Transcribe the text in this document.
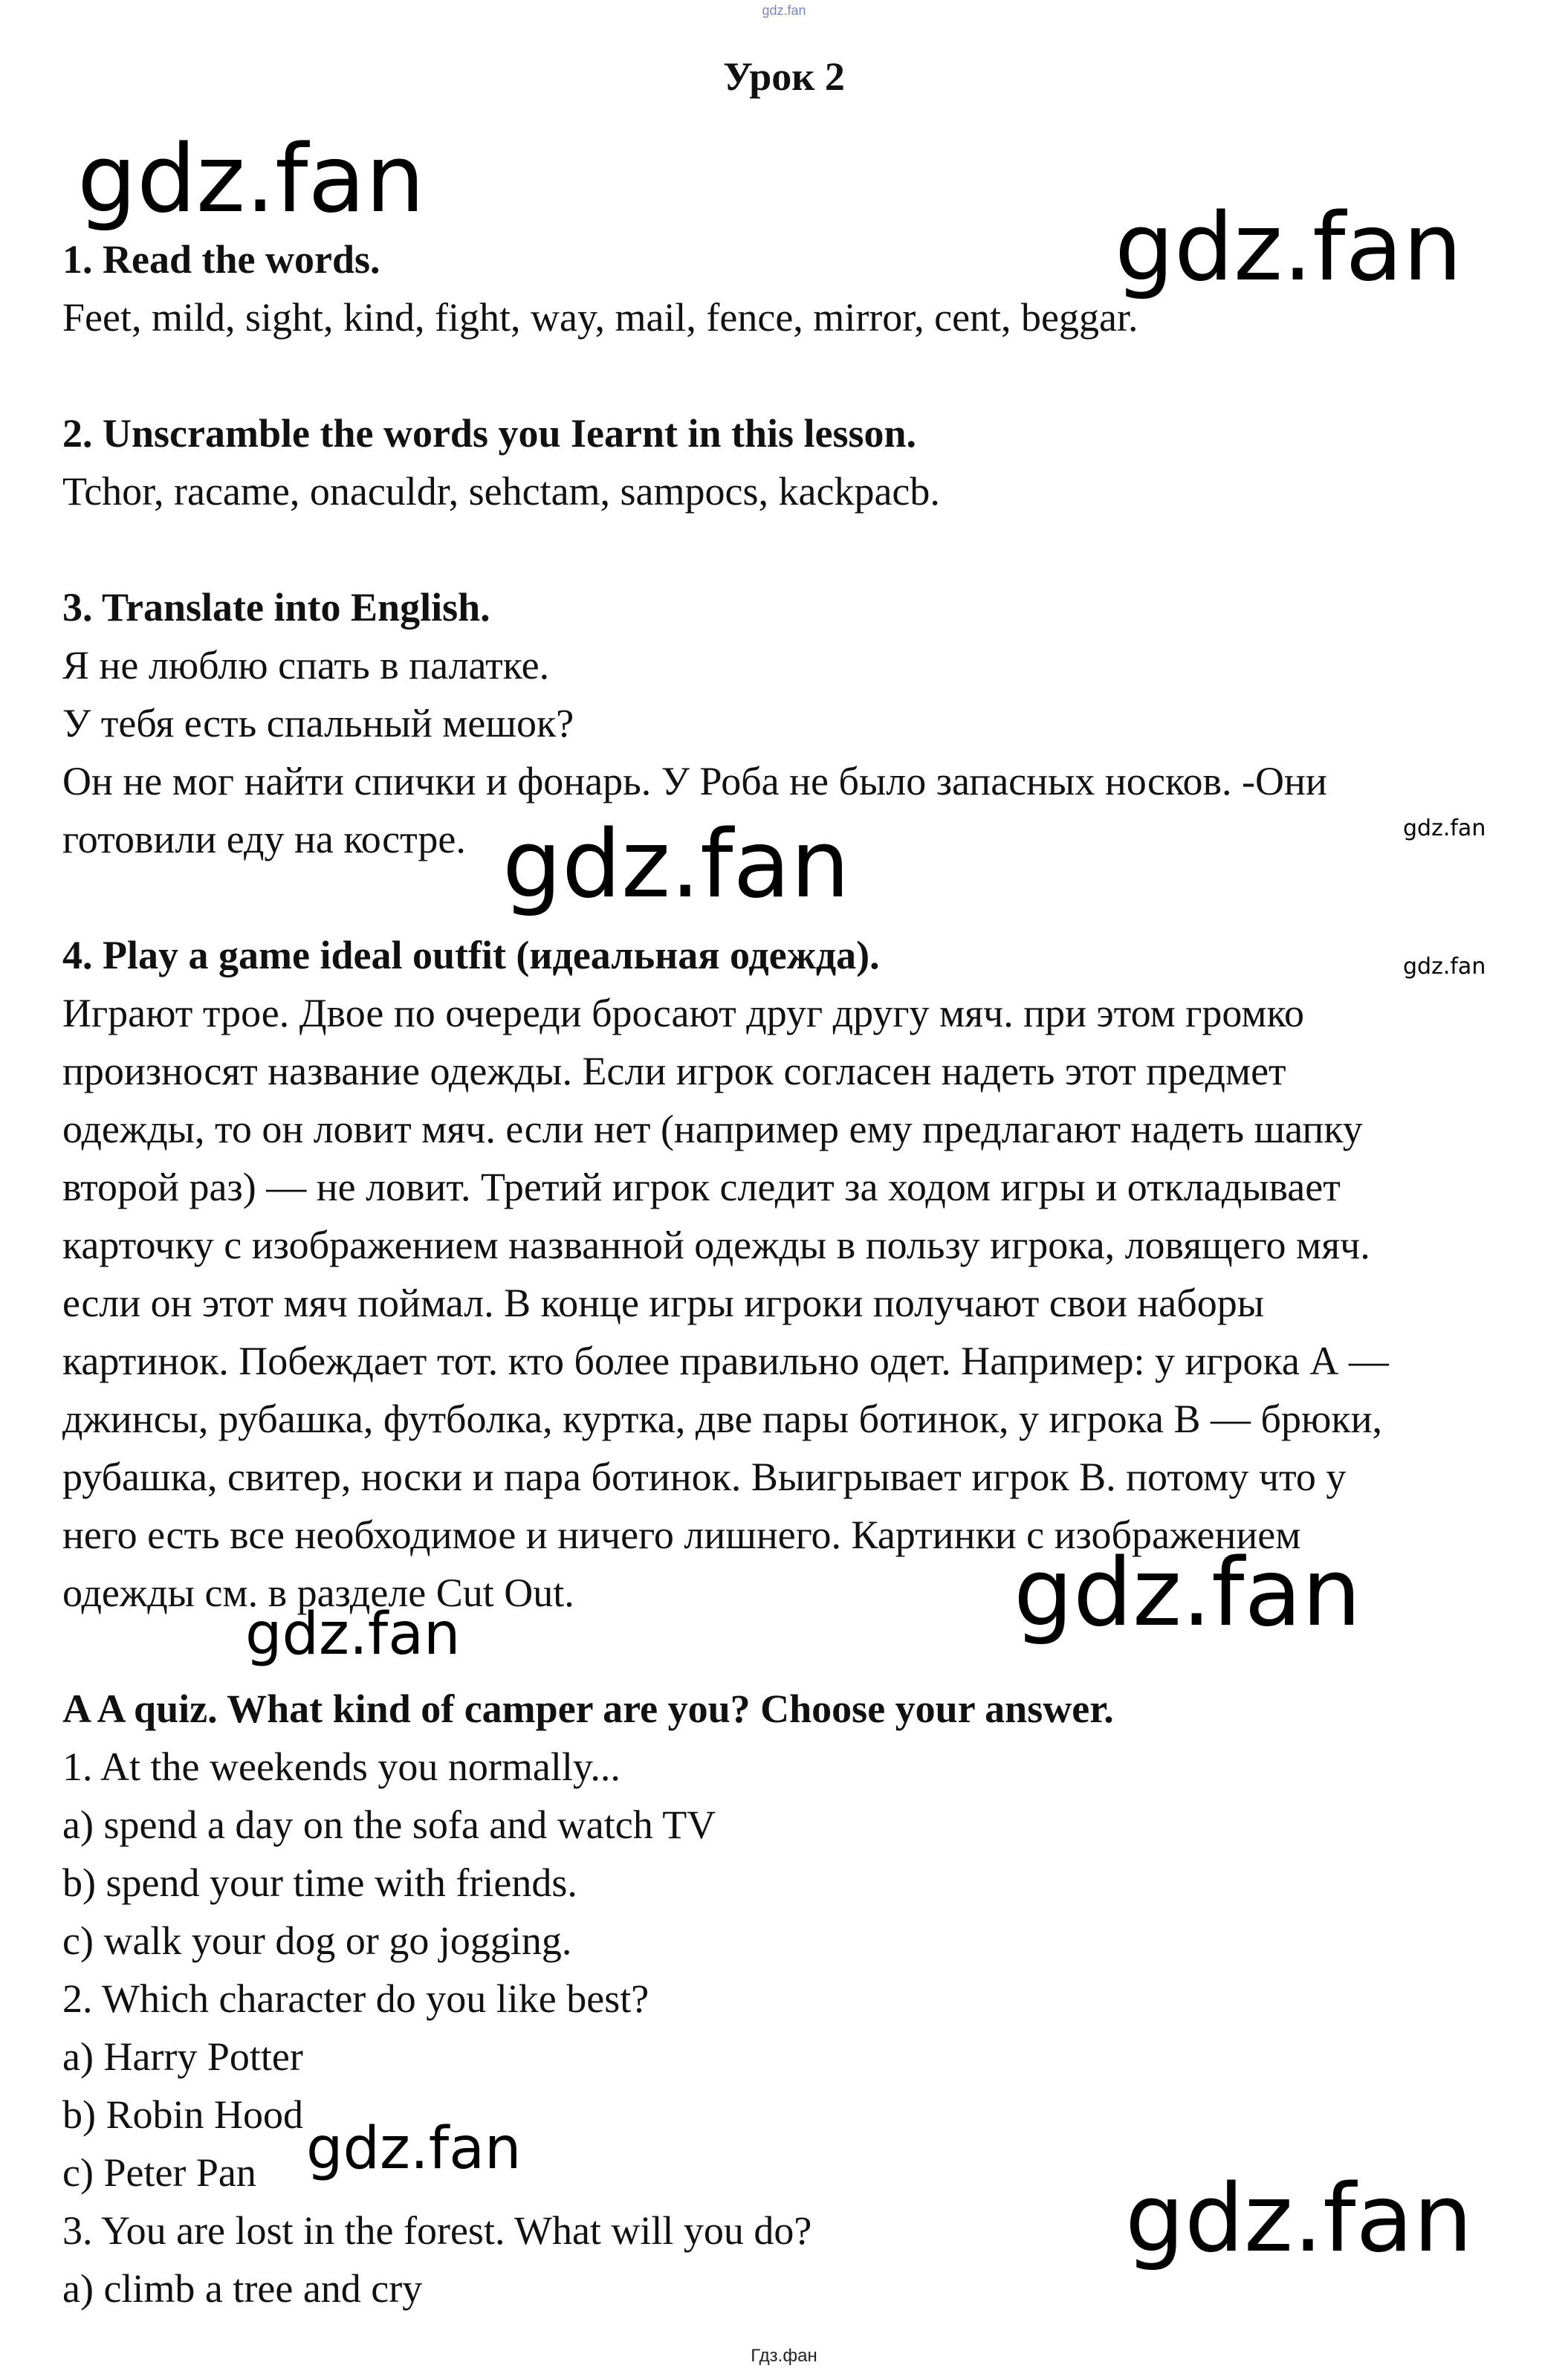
gdz.fan
Урок 2

1. Read the words.

Feet, mild, sight, kind, fight, way, mail, fence, mirror, cent, beggar.

2. Unscramble the words you Iearnt in this lesson.

Tchor, racame, onaculdr, sehctam, sampocs, kackpacb.

3. Translate into English.

Я не люблю спать в палатке.

У тебя есть спальный мешок?

Он не мог найти спички и фонарь. У Роба не было запасных носков. -Они

готовили еду на костре.

4. Play a game ideal outfit (идеальная одежда).

Играют трое. Двое по очереди бросают друг другу мяч. при этом громко

произносят название одежды. Если игрок согласен надеть этот предмет

одежды, то он ловит мяч. если нет (например ему предлагают надеть шапку

второй раз) — не ловит. Третий игрок следит за ходом игры и откладывает

карточку с изображением названной одежды в пользу игрока, ловящего мяч.

если он этот мяч поймал. В конце игры игроки получают свои наборы

картинок. Побеждает тот. кто более правильно одет. Например: у игрока А —

джинсы, рубашка, футболка, куртка, две пары ботинок, у игрока В — брюки,

рубашка, свитер, носки и пара ботинок. Выигрывает игрок В. потому что у

него есть все необходимое и ничего лишнего. Картинки с изображением

одежды см. в разделе Cut Out.

A A quiz. What kind of camper are you? Choose your answer.

1. At the weekends you normally...

a) spend a day on the sofa and watch TV

b) spend your time with friends.

c) walk your dog or go jogging.

2. Which character do you like best?

a) Harry Potter

b) Robin Hood

c) Peter Pan

3. You are lost in the forest. What will you do?

a) climb a tree and cry

gdz.fan
gdz.fan
gdz.fan
gdz.fan
gdz.fan
gdz.fan
gdz.fan
gdz.fan
gdz.fan
Гдз.фан
